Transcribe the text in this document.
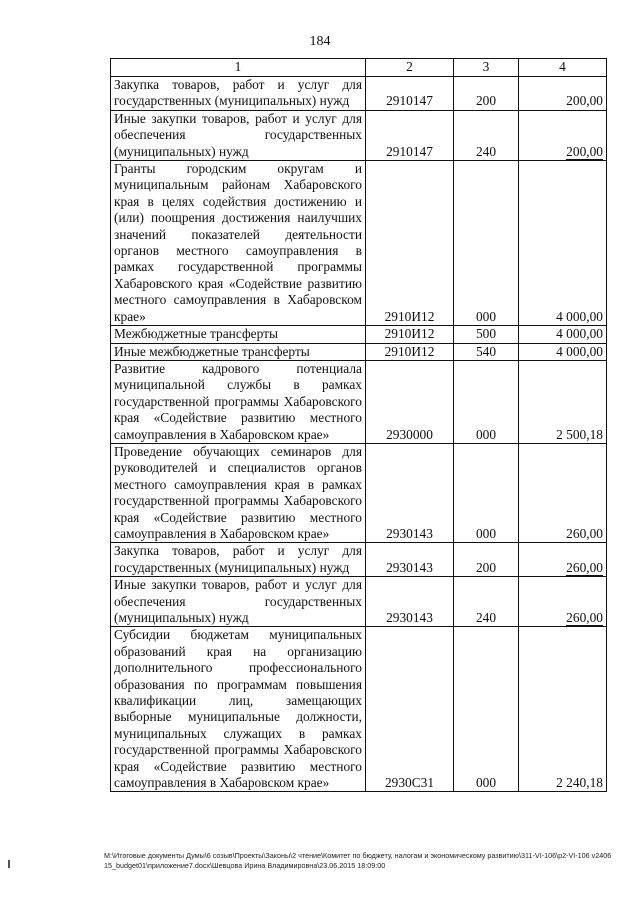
184
1	2	3	4
Закупка товаров, работ и услуг для государственных (муниципальных) нужд	2910147	200	200,00
Иные закупки товаров, работ и услуг для обеспечения государственных (муниципальных) нужд	2910147	240	200,00
Гранты городским округам и муниципальным районам Хабаровского края в целях содействия достижению и (или) поощрения достижения наилучших значений показателей деятельности органов местного самоуправления в рамках государственной программы Хабаровского края «Содействие развитию местного самоуправления в Хабаровском крае»	2910И12	000	4 000,00
Межбюджетные трансферты	2910И12	500	4 000,00
Иные межбюджетные трансферты	2910И12	540	4 000,00
Развитие кадрового потенциала муниципальной службы в рамках государственной программы Хабаровского края «Содействие развитию местного самоуправления в Хабаровском крае»	2930000	000	2 500,18
Проведение обучающих семинаров для руководителей и специалистов органов местного самоуправления края в рамках государственной программы Хабаровского края «Содействие развитию местного самоуправления в Хабаровском крае»	2930143	000	260,00
Закупка товаров, работ и услуг для государственных (муниципальных) нужд	2930143	200	260,00
Иные закупки товаров, работ и услуг для обеспечения государственных (муниципальных) нужд	2930143	240	260,00
Субсидии бюджетам муниципальных образований края на организацию дополнительного профессионального образования по программам повышения квалификации лиц, замещающих выборные муниципальные должности, муниципальных служащих в рамках государственной программы Хабаровского края «Содействие развитию местного самоуправления в Хабаровском крае»	2930С31	000	2 240,18
M:\Итоговые документы Думы\6 созыв\Проекты\Законы\2 чтение\Комитет по бюджету, налогам и экономическому развитию\311-VI-106\p2-VI-106 v240615_budget01\приложение7.docx\Шевцова Ирина Владимировна\23.06.2015 18:09:00
